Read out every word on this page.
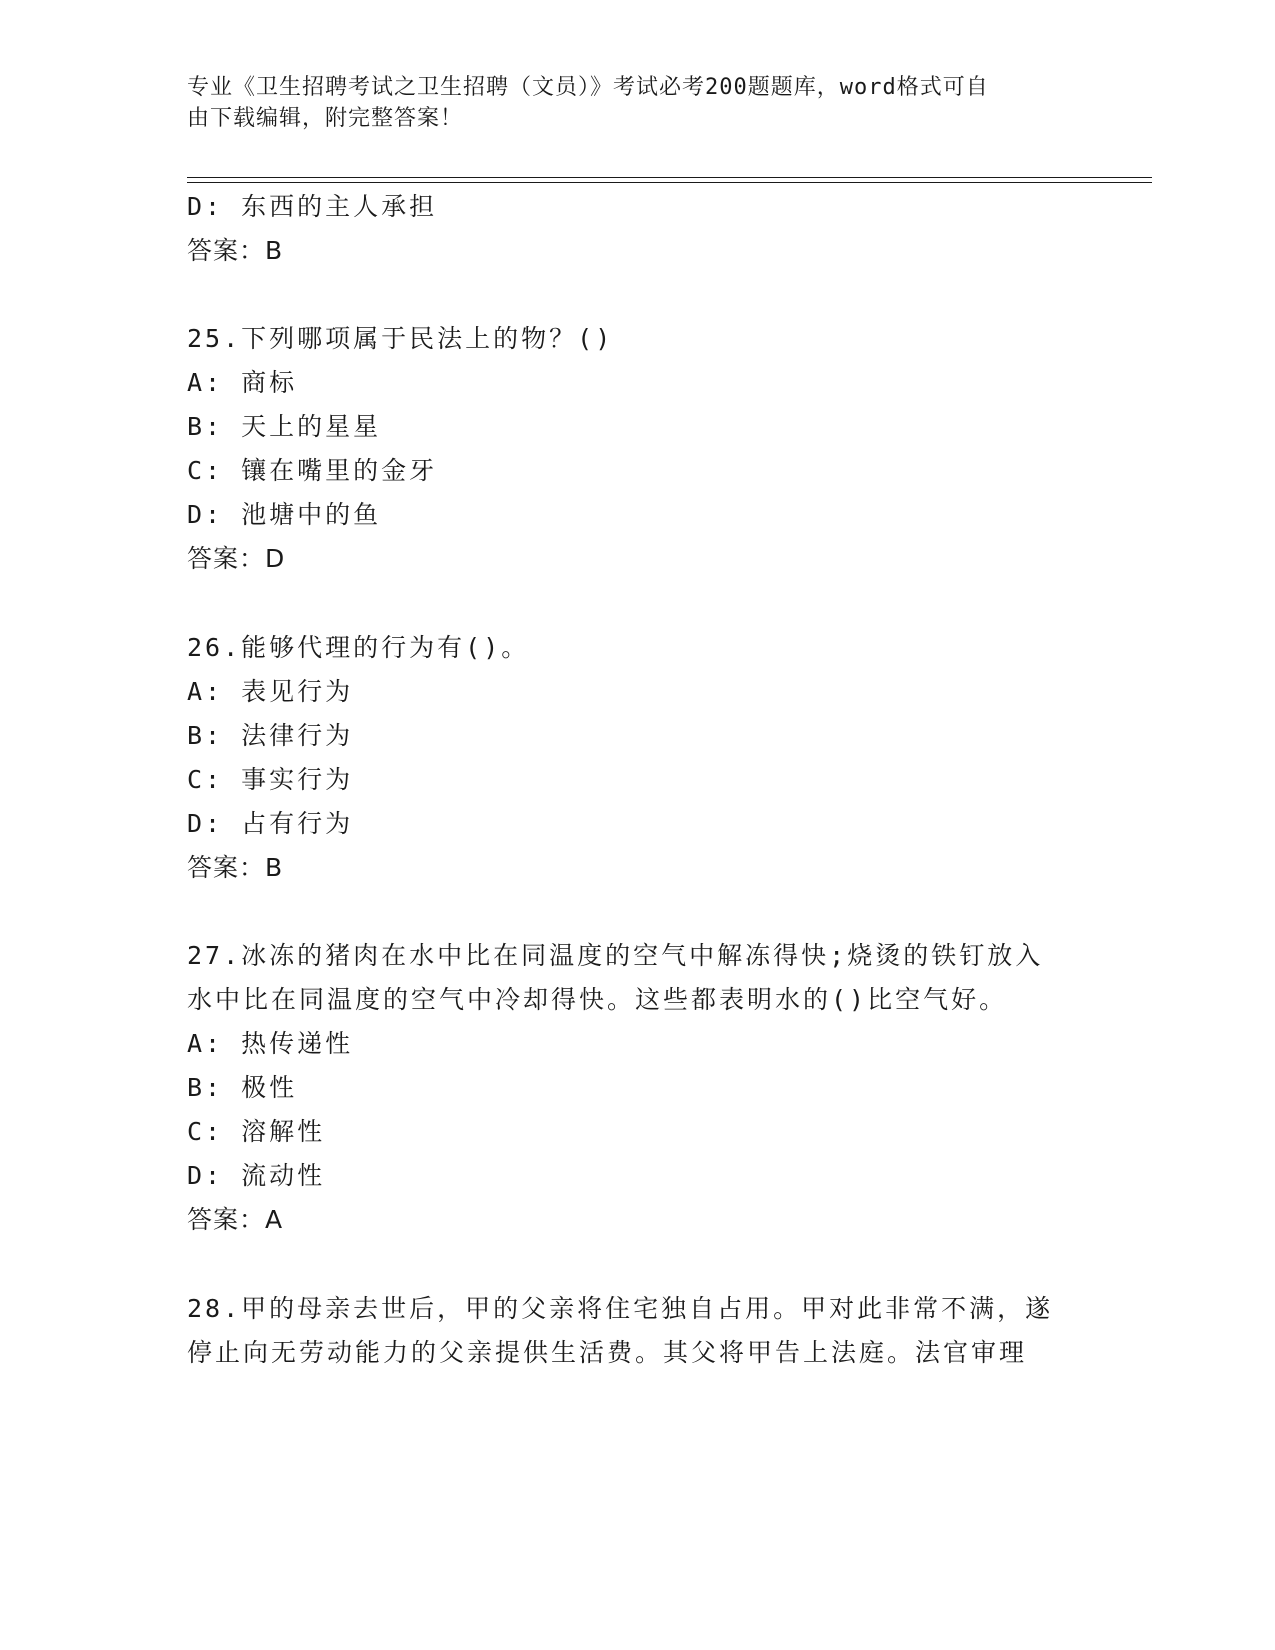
专业《卫生招聘考试之卫生招聘（文员）》考试必考200题题库，word格式可自
由下载编辑，附完整答案！
D: 东西的主人承担
答案：B
25.下列哪项属于民法上的物？()
A: 商标
B: 天上的星星
C: 镶在嘴里的金牙
D: 池塘中的鱼
答案：D
26.能够代理的行为有()。
A: 表见行为
B: 法律行为
C: 事实行为
D: 占有行为
答案：B
27.冰冻的猪肉在水中比在同温度的空气中解冻得快;烧烫的铁钉放入
水中比在同温度的空气中冷却得快。这些都表明水的()比空气好。
A: 热传递性
B: 极性
C: 溶解性
D: 流动性
答案：A
28.甲的母亲去世后，甲的父亲将住宅独自占用。甲对此非常不满，遂
停止向无劳动能力的父亲提供生活费。其父将甲告上法庭。法官审理
